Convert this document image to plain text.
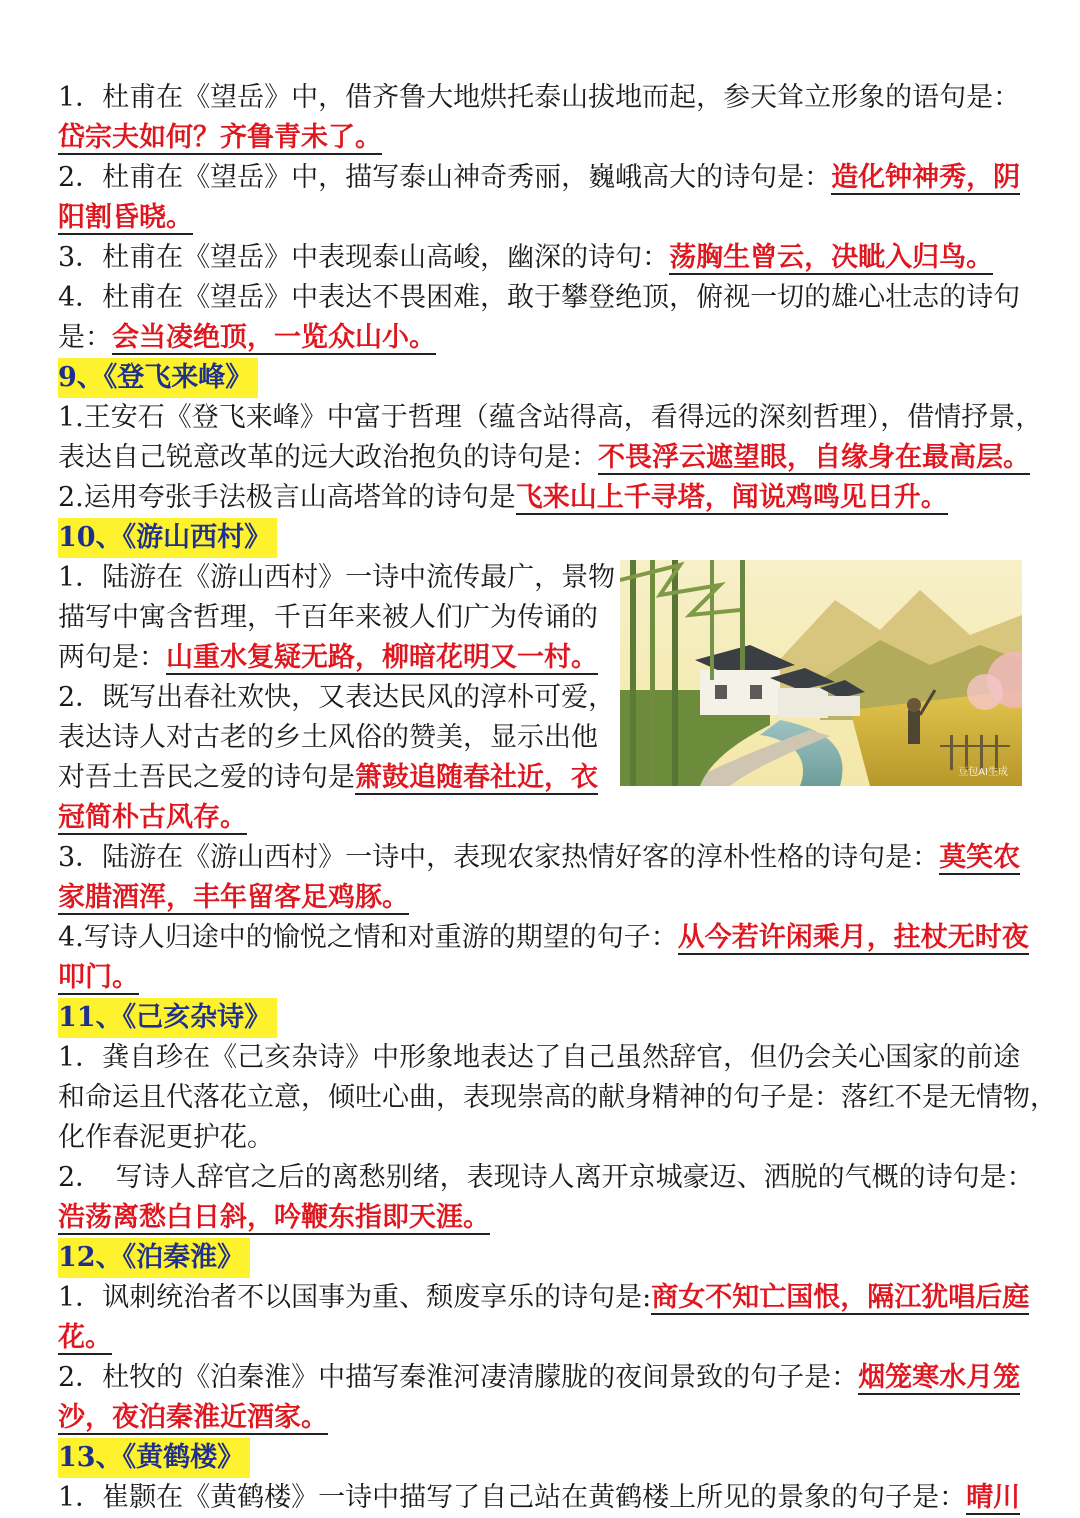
1．杜甫在《望岳》中，借齐鲁大地烘托泰山拔地而起，参天耸立形象的语句是：
岱宗夫如何？齐鲁青未了。
2．杜甫在《望岳》中，描写泰山神奇秀丽，巍峨高大的诗句是：造化钟神秀，阴
阳割昏晓。
3．杜甫在《望岳》中表现泰山高峻，幽深的诗句：荡胸生曾云，决眦入归鸟。
4．杜甫在《望岳》中表达不畏困难，敢于攀登绝顶，俯视一切的雄心壮志的诗句
是：会当凌绝顶，一览众山小。
9、《登飞来峰》
1.王安石《登飞来峰》中富于哲理（蕴含站得高，看得远的深刻哲理），借情抒景，
表达自己锐意改革的远大政治抱负的诗句是：不畏浮云遮望眼，自缘身在最高层。
2.运用夸张手法极言山高塔耸的诗句是飞来山上千寻塔，闻说鸡鸣见日升。
10、《游山西村》
豆包AI生成
1．陆游在《游山西村》一诗中流传最广，景物
描写中寓含哲理，千百年来被人们广为传诵的
两句是：山重水复疑无路，柳暗花明又一村。
2．既写出春社欢快，又表达民风的淳朴可爱，
表达诗人对古老的乡土风俗的赞美，显示出他
对吾土吾民之爱的诗句是箫鼓追随春社近，衣
冠简朴古风存。
3．陆游在《游山西村》一诗中，表现农家热情好客的淳朴性格的诗句是：莫笑农
家腊酒浑，丰年留客足鸡豚。
4.写诗人归途中的愉悦之情和对重游的期望的句子：从今若许闲乘月，拄杖无时夜
叩门。
11、《己亥杂诗》
1．龚自珍在《己亥杂诗》中形象地表达了自己虽然辞官，但仍会关心国家的前途
和命运且代落花立意，倾吐心曲，表现崇高的献身精神的句子是：落红不是无情物，
化作春泥更护花。
2．　写诗人辞官之后的离愁别绪，表现诗人离开京城豪迈、洒脱的气概的诗句是：
浩荡离愁白日斜，吟鞭东指即天涯。
12、《泊秦淮》
1．讽刺统治者不以国事为重、颓废享乐的诗句是:商女不知亡国恨，隔江犹唱后庭
花。
2．杜牧的《泊秦淮》中描写秦淮河凄清朦胧的夜间景致的句子是：烟笼寒水月笼
沙，夜泊秦淮近酒家。
13、《黄鹤楼》
1．崔颢在《黄鹤楼》一诗中描写了自己站在黄鹤楼上所见的景象的句子是：晴川
